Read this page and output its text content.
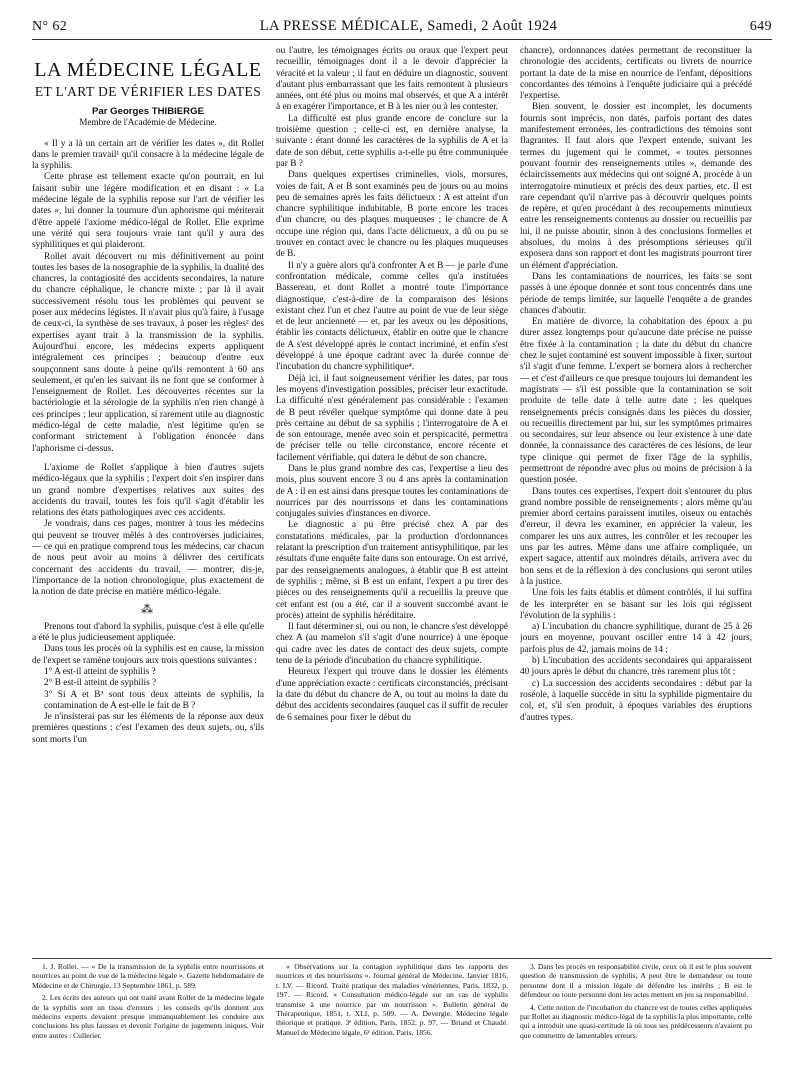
N° 62	LA PRESSE MÉDICALE, Samedi, 2 Août 1924	649
LA MÉDECINE LÉGALE
ET L'ART DE VÉRIFIER LES DATES
Par Georges THIBIERGE
Membre de l'Académie de Médecine.

« Il y a là un certain art de vérifier les dates », dit Rollet dans le premier travail¹ qu'il consacre à la médecine légale de la syphilis.

Cette phrase est tellement exacte qu'on pourrait, en lui faisant subir une légère modification et en disant : « La médecine légale de la syphilis repose sur l'art de vérifier les dates », lui donner la tournure d'un aphorisme qui mériterait d'être appelé l'axiome médico-légal de Rollet. Elle exprime une vérité qui sera toujours vraie tant qu'il y aura des syphilitiques et qui plaideront.

Rollet avait découvert ou mis définitivement au point toutes les bases de la nosographie de la syphilis, la dualité des chancres, la contagiosité des accidents secondaires, la nature du chancre céphalique, le chancre mixte ; par là il avait successivement résolu tous les problèmes qui peuvent se poser aux médecins légistes. Il n'avait plus qu'à faire, à l'usage de ceux-ci, la synthèse de ses travaux, à poser les règles² des expertises ayant trait à la transmission de la syphilis. Aujourd'hui encore, les médecins experts appliquent intégralement ces principes ; beaucoup d'entre eux soupçonnent sans doute à peine qu'ils remontent à 60 ans seulement, et qu'en les suivant ils ne font que se conformer à l'enseignement de Rollet. Les découvertes récentes sur la bactériologie et la sérologie de la syphilis n'en rien changé à ces principes ; leur application, si rarement utile au diagnostic médico-légal de cette maladie, n'est légitime qu'en se conformant strictement à l'obligation énoncée dans l'aphorisme ci-dessus.

L'axiome de Rollet s'applique à bien d'autres sujets médico-légaux que la syphilis ; l'expert doit s'en inspirer dans un grand nombre d'expertises relatives aux suites des accidents du travail, toutes les fois qu'il s'agit d'établir les relations des états pathologiques avec ces accidents.

Je voudrais, dans ces pages, montrer à tous les médecins qui peuvent se trouver mêlés à des controverses judiciaires, — ce qui en pratique comprend tous les médecins, car chacun de nous peut avoir au moins à délivrer des certificats concernant des accidents du travail, — montrer, dis-je, l'importance de la notion chronologique, plus exactement de la notion de date précise en matière médico-légale.

⁂

Prenons tout d'abord la syphilis, puisque c'est à elle qu'elle a été le plus judicieusement appliquée.

Dans tous les procès où la syphilis est en cause, la mission de l'expert se ramène toujours aux trois questions suivantes :

1° A est-il atteint de syphilis ?

2° B est-il atteint de syphilis ?

3° Si A et B³ sont tous deux atteints de syphilis, la contamination de A est-elle le fait de B ?

Je n'insisterai pas sur les éléments de la réponse aux deux premières questions : c'est l'examen des deux sujets, ou, s'ils sont morts l'un

ou l'autre, les témoignages écrits ou oraux que l'expert peut recueillir, témoignages dont il a le devoir d'apprécier la véracité et la valeur ; il faut en déduire un diagnostic, souvent d'autant plus embarrassant que les faits remontent à plusieurs années, ont été plus ou moins mal observés, et que A a intérêt à en exagérer l'importance, et B à les nier ou à les contester.

La difficulté est plus grande encore de conclure sur la troisième question ; celle-ci est, en dernière analyse, la suivante : étant donné les caractères de la syphilis de A et la date de son début, cette syphilis a-t-elle pu être communiquée par B ?

Dans quelques expertises criminelles, viols, morsures, voies de fait, A et B sont examinés peu de jours ou au moins peu de semaines après les faits délictueux : A est atteint d'un chancre syphilitique indubitable, B porte encore les traces d'un chancre, ou des plaques muqueuses ; le chancre de A occupe une région qui, dans l'acte délictueux, a dû ou pu se trouver en contact avec le chancre ou les plaques muqueuses de B.

Il n'y a guère alors qu'à confronter A et B — je parle d'une confrontation médicale, comme celles qu'a instituées Bassereau, et dont Rollet a montré toute l'importance diagnostique, c'est-à-dire de la comparaison des lésions existant chez l'un et chez l'autre au point de vue de leur siège et de leur ancienneté — et, par les aveux ou les dépositions, établir les contacts délictueux, établir en outre que le chancre de A s'est développé après le contact incriminé, et enfin s'est développé à une époque cadrant avec la durée connue de l'incubation du chancre syphilitique⁴.

Déjà ici, il faut soigneusement vérifier les dates, par tous les moyens d'investigation possibles, préciser leur exactitude. La difficulté n'est généralement pas considérable : l'examen de B peut révéler quelque symptôme qui donne date à peu près certaine au début de sa syphilis ; l'interrogatoire de A et de son entourage, menée avec soin et perspicacité, permettra de préciser telle ou telle circonstance, encore récente et facilement vérifiable, qui datera le début de son chancre.

Dans le plus grand nombre des cas, l'expertise a lieu des mois, plus souvent encore 3 ou 4 ans après la contamination de A : il en est ainsi dans presque toutes les contaminations de nourrices par des nourrissons et dans les contaminations conjugales suivies d'instances en divorce.

Le diagnostic a pu être précisé chez A par des constatations médicales, par la production d'ordonnances relatant la prescription d'un traitement antisyphilitique, par les résultats d'une enquête faite dans son entourage. On est arrivé, par des renseignements analogues, à établir que B est atteint de syphilis ; même, si B est un enfant, l'expert a pu tirer des pièces ou des renseignements qu'il a recueillis la preuve que cet enfant est (ou a été, car il a souvent succombé avant le procès) atteint de syphilis héréditaire.

Il faut déterminer si, oui ou non, le chancre s'est développé chez A (au mamelon s'il s'agit d'une nourrice) à une époque qui cadre avec les dates de contact des deux sujets, compte tenu de la période d'incubation du chancre syphilitique.

Heureux l'expert qui trouve dans le dossier les éléments d'une appréciation exacte : certificats circonstanciés, précisant la date du début du chancre de A, ou tout au moins la date du début des accidents secondaires (auquel cas il suffit de reculer de 6 semaines pour fixer le début du

chancre), ordonnances datées permettant de reconstituer la chronologie des accidents, certificats ou livrets de nourrice portant la date de la mise en nourrice de l'enfant, dépositions concordantes des témoins à l'enquête judiciaire qui a précédé l'expertise.

Bien souvent, le dossier est incomplet, les documents fournis sont imprécis, non datés, parfois portant des dates manifestement erronées, les contradictions des témoins sont flagrantes. Il faut alors que l'expert entende, suivant les termes du jugement qui le commet, « toutes personnes pouvant fournir des renseignements utiles », demande des éclaircissements aux médecins qui ont soigné A, procède à un interrogatoire minutieux et précis des deux parties, etc. Il est rare cependant qu'il n'arrive pas à découvrir quelques points de repère, et qu'en procédant à des recoupements minutieux entre les renseignements contenus au dossier ou recueillis par lui, il ne puisse aboutir, sinon à des conclusions formelles et absolues, du moins à des présomptions sérieuses qu'il exposera dans son rapport et dont les magistrats pourront tirer un élément d'appréciation.

Dans les contaminations de nourrices, les faits se sont passés à une époque donnée et sont tous concentrés dans une période de temps limitée, sur laquelle l'enquête a de grandes chances d'aboutir.

En matière de divorce, la cohabitation des époux a pu durer assez longtemps pour qu'aucune date précise ne puisse être fixée à la contamination ; la date du début du chancre chez le sujet contaminé est souvent impossible à fixer, surtout s'il s'agit d'une femme. L'expert se bornera alors à rechercher — et c'est d'ailleurs ce que presque toujours lui demandent les magistrats — s'il est possible que la contamination se soit produite de telle date à telle autre date ; les quelques renseignements précis consignés dans les pièces du dossier, ou recueillis directement par lui, sur les symptômes primaires ou secondaires, sur leur absence ou leur existence à une date donnée, la connaissance des caractères de ces lésions, de leur type clinique qui permet de fixer l'âge de la syphilis, permettront de répondre avec plus ou moins de précision à la question posée.

Dans toutes ces expertises, l'expert doit s'entourer du plus grand nombre possible de renseignements ; alors même qu'au premier abord certains paraissent inutiles, oiseux ou entachés d'erreur, il devra les examiner, en apprécier la valeur, les comparer les uns aux autres, les contrôler et les recouper les uns par les autres. Même dans une affaire compliquée, un expert sagace, attentif aux moindres détails, arrivera avec du bon sens et de la réflexion à des conclusions qui seront utiles à la justice.

Une fois les faits établis et dûment contrôlés, il lui suffira de les interpréter en se basant sur les lois qui régissent l'évolution de la syphilis :

a) L'incubation du chancre syphilitique, durant de 25 à 26 jours en moyenne, pouvant osciller entre 14 à 42 jours, parfois plus de 42, jamais moins de 14 ;

b) L'incubation des accidents secondaires qui apparaissent 40 jours après le début du chancre, très rarement plus tôt ;

c) La succession des accidents secondaires : début par la roséole, à laquelle succède in situ la syphilide pigmentaire du col, et, s'il s'en produit, à époques variables des éruptions d'autres types.

1. J. Rollet. — « De la transmission de la syphilis entre nourrissons et nourrices au point de vue de la médecine légale ». Gazette hebdomadaire de Médecine et de Chirurgie, 13 Septembre 1861, p. 589.

2. Les écrits des auteurs qui ont traité avant Rollet de la médecine légale de la syphilis sont un tissu d'erreurs ; les conseils qu'ils donnent aux médecins experts devaient presque immanquablement les conduire aux conclusions les plus fausses et devenir l'origine de jugements iniques. Voir entre autres : Cullerier.

« Observations sur la contagion syphilitique dans les rapports des nourrices et des nourrissons ». Journal général de Médecine, Janvier 1816, t. LV. — Ricord. Traité pratique des maladies vénériennes, Paris, 1832, p. 197. — Ricord. « Consultation médico-légale sur un cas de syphilis transmise à une nourrice par un nourrisson ». Bulletin général de Thérapeutique, 1851, t. XLI, p. 509. — A. Devergie. Médecine légale théorique et pratique. 3ᵉ édition, Paris, 1852, p. 97. — Briand et Chaudé. Manuel de Médecine légale, 6ᵉ édition, Paris, 1856.

3. Dans les procès en responsabilité civile, ceux où il est le plus souvent question de transmission de syphilis, A peut être le demandeur ou toute personne dont il a mission légale de défendre les intérêts ; B est le défendeur ou toute personne dont les actes mettent en jeu sa responsabilité.

4. Cette notion de l'incubation du chancre est de toutes celles appliquées par Rollet au diagnostic médico-légal de la syphilis la plus importante, celle qui a introduit une quasi-certitude là où tous ses prédécesseurs n'avaient pu que commettre de lamentables erreurs.
